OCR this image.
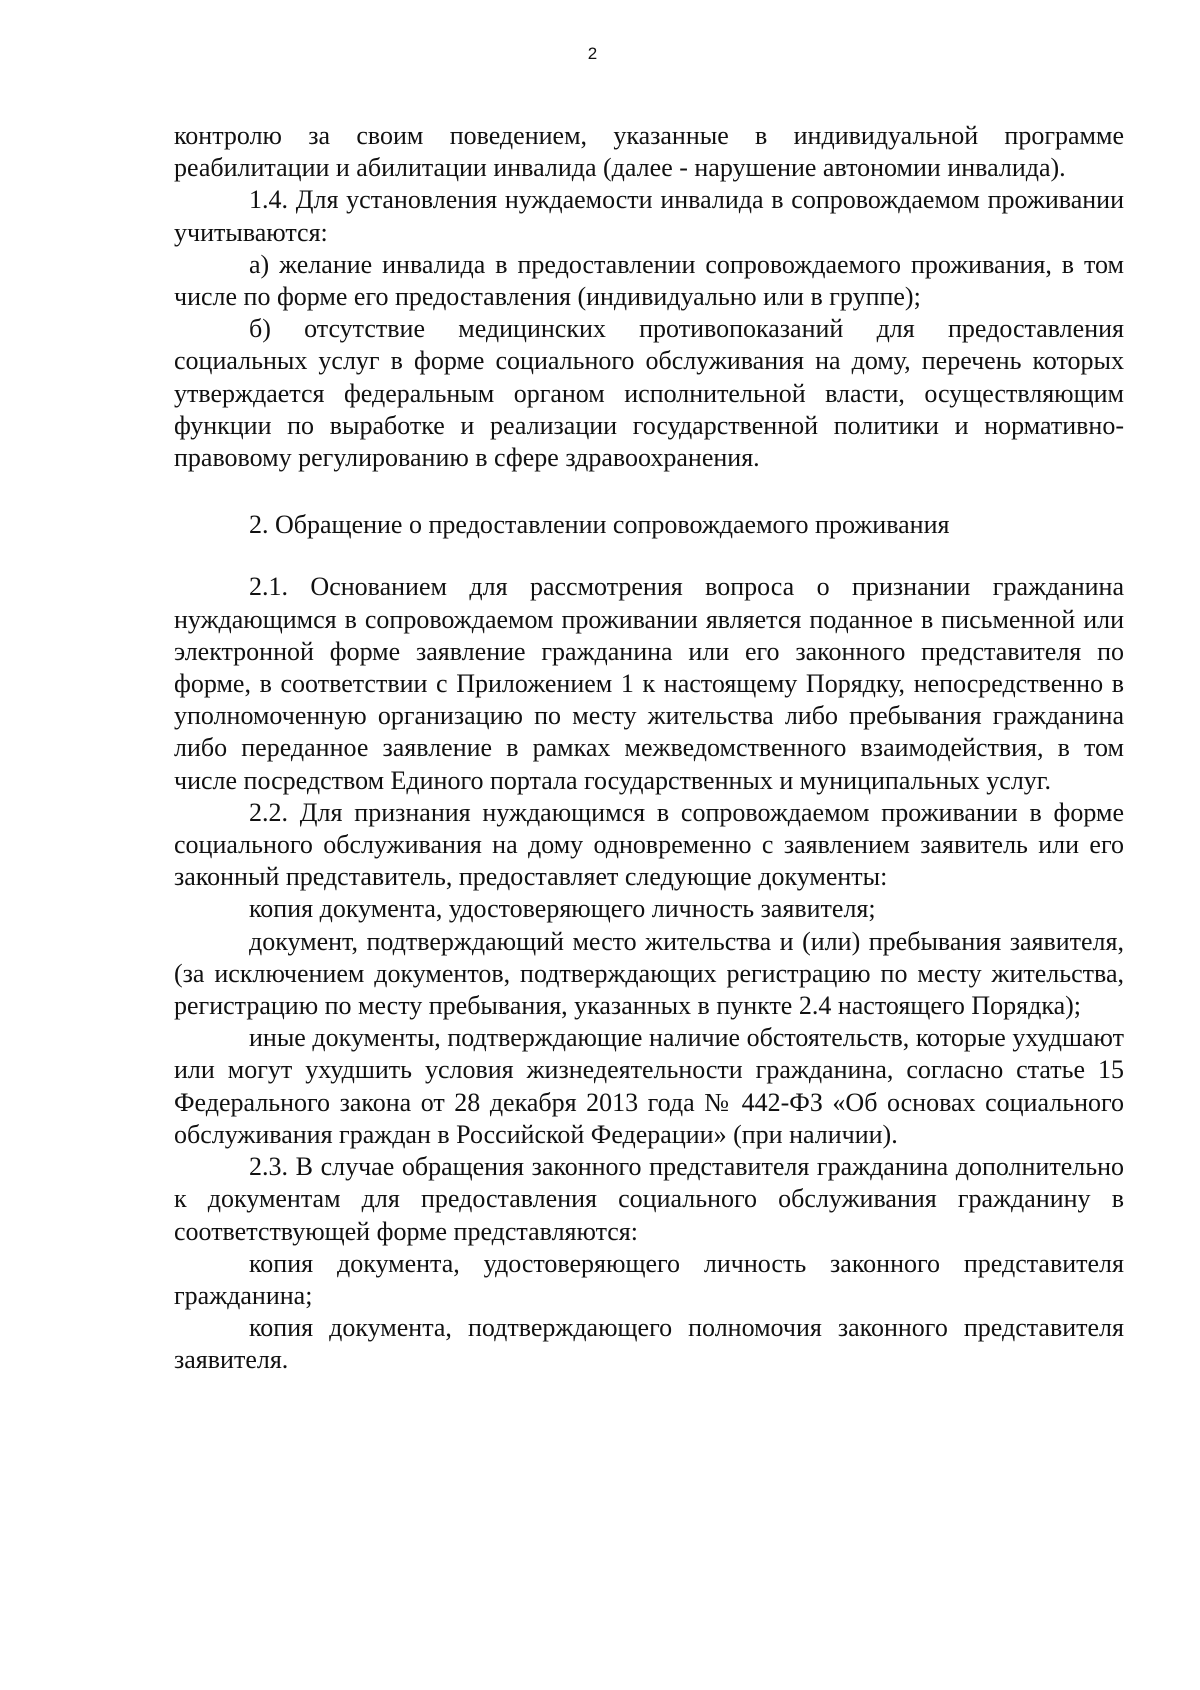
2

контролю за своим поведением, указанные в индивидуальной программе реабилитации и абилитации инвалида (далее - нарушение автономии инвалида).

1.4. Для установления нуждаемости инвалида в сопровождаемом проживании учитываются:

а) желание инвалида в предоставлении сопровождаемого проживания, в том числе по форме его предоставления (индивидуально или в группе);

б) отсутствие медицинских противопоказаний для предоставления социальных услуг в форме социального обслуживания на дому, перечень которых утверждается федеральным органом исполнительной власти, осуществляющим функции по выработке и реализации государственной политики и нормативно-правовому регулированию в сфере здравоохранения.

2. Обращение о предоставлении сопровождаемого проживания

2.1. Основанием для рассмотрения вопроса о признании гражданина нуждающимся в сопровождаемом проживании является поданное в письменной или электронной форме заявление гражданина или его законного представителя по форме, в соответствии с Приложением 1 к настоящему Порядку, непосредственно в уполномоченную организацию по месту жительства либо пребывания гражданина либо переданное заявление в рамках межведомственного взаимодействия, в том числе посредством Единого портала государственных и муниципальных услуг.

2.2. Для признания нуждающимся в сопровождаемом проживании в форме социального обслуживания на дому одновременно с заявлением заявитель или его законный представитель, предоставляет следующие документы:

копия документа, удостоверяющего личность заявителя;

документ, подтверждающий место жительства и (или) пребывания заявителя, (за исключением документов, подтверждающих регистрацию по месту жительства, регистрацию по месту пребывания, указанных в пункте 2.4 настоящего Порядка);

иные документы, подтверждающие наличие обстоятельств, которые ухудшают или могут ухудшить условия жизнедеятельности гражданина, согласно статье 15 Федерального закона от 28 декабря 2013 года № 442-ФЗ «Об основах социального обслуживания граждан в Российской Федерации» (при наличии).

2.3. В случае обращения законного представителя гражданина дополнительно к документам для предоставления социального обслуживания гражданину в соответствующей форме представляются:

копия документа, удостоверяющего личность законного представителя гражданина;

копия документа, подтверждающего полномочия законного представителя заявителя.
